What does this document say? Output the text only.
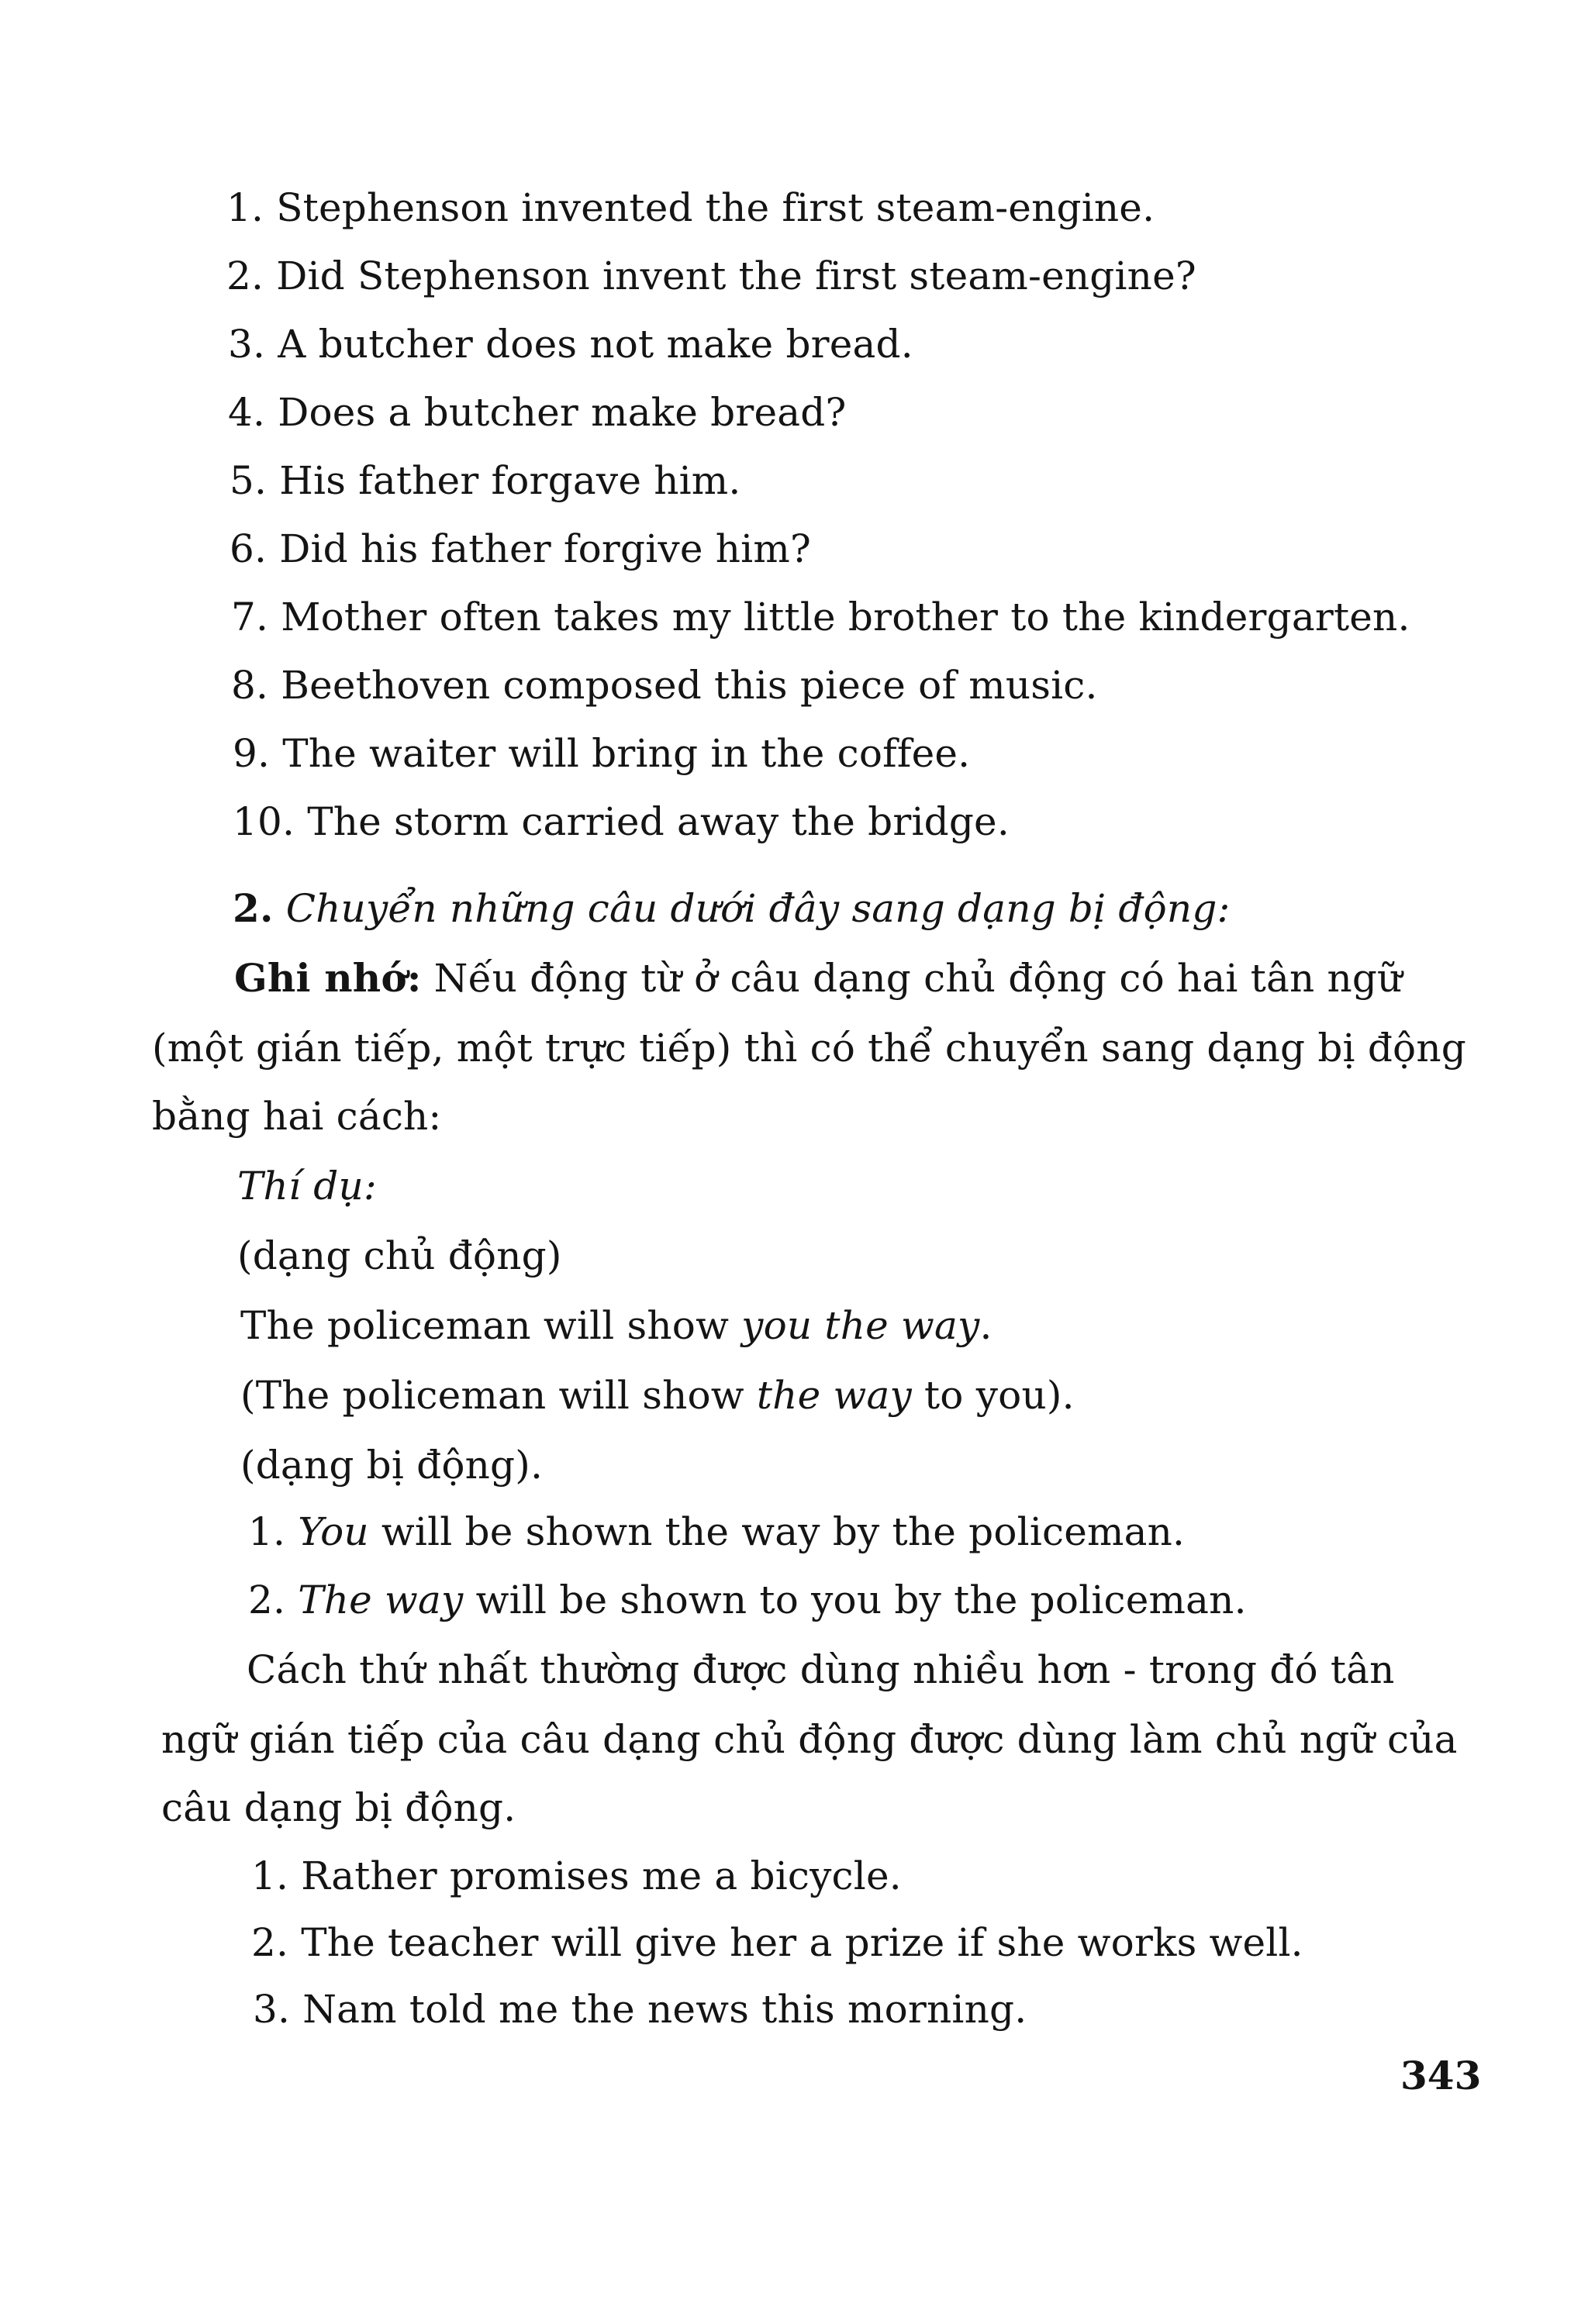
1. Stephenson invented the first steam-engine.
2. Did Stephenson invent the first steam-engine?
3. A butcher does not make bread.
4. Does a butcher make bread?
5. His father forgave him.
6. Did his father forgive him?
7. Mother often takes my little brother to the kindergarten.
8. Beethoven composed this piece of music.
9. The waiter will bring in the coffee.
10. The storm carried away the bridge.
2. Chuyển những câu dưới đây sang dạng bị động:
Ghi nhớ: Nếu động từ ở câu dạng chủ động có hai tân ngữ
(một gián tiếp, một trực tiếp) thì có thể chuyển sang dạng bị động
bằng hai cách:
Thí dụ:
(dạng chủ động)
The policeman will show you the way.
(The policeman will show the way to you).
(dạng bị động).
1. You will be shown the way by the policeman.
2. The way will be shown to you by the policeman.
Cách thứ nhất thường được dùng nhiều hơn - trong đó tân
ngữ gián tiếp của câu dạng chủ động được dùng làm chủ ngữ của
câu dạng bị động.
1. Rather promises me a bicycle.
2. The teacher will give her a prize if she works well.
3. Nam told me the news this morning.
343
